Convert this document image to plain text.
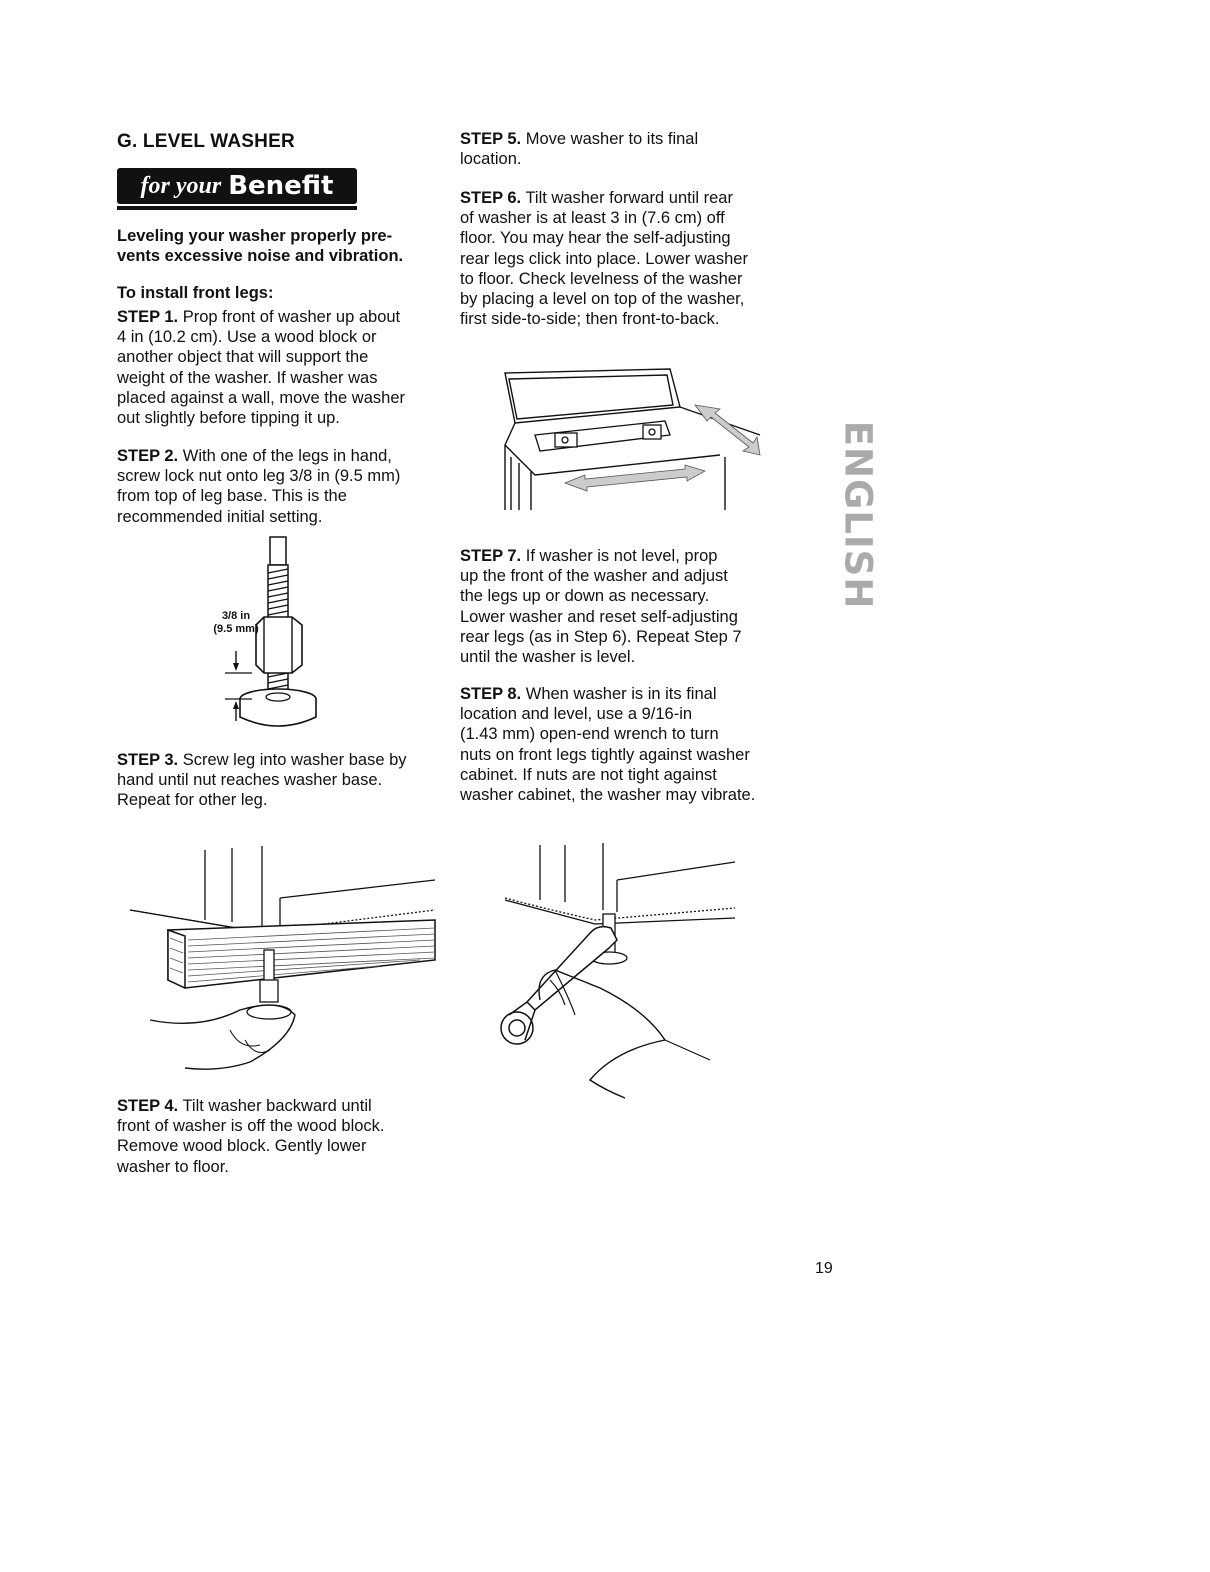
G. LEVEL WASHER
for your Benefit
Leveling your washer properly pre-
vents excessive noise and vibration.
To install front legs:
STEP 1. Prop front of washer up about
4 in (10.2 cm). Use a wood block or
another object that will support the
weight of the washer. If washer was
placed against a wall, move the washer
out slightly before tipping it up.
STEP 2. With one of the legs in hand,
screw lock nut onto leg 3/8 in (9.5 mm)
from top of leg base. This is the
recommended initial setting.
3/8 in
(9.5 mm)
STEP 3. Screw leg into washer base by
hand until nut reaches washer base.
Repeat for other leg.
STEP 4. Tilt washer backward until
front of washer is off the wood block.
Remove wood block. Gently lower
washer to floor.
STEP 5. Move washer to its final
location.
STEP 6. Tilt washer forward until rear
of washer is at least 3 in (7.6 cm) off
floor. You may hear the self-adjusting
rear legs click into place. Lower washer
to floor. Check levelness of the washer
by placing a level on top of the washer,
first side-to-side; then front-to-back.
STEP 7. If washer is not level, prop
up the front of the washer and adjust
the legs up or down as necessary.
Lower washer and reset self-adjusting
rear legs (as in Step 6). Repeat Step 7
until the washer is level.
STEP 8. When washer is in its final
location and level, use a 9/16-in
(1.43 mm) open-end wrench to turn
nuts on front legs tightly against washer
cabinet. If nuts are not tight against
washer cabinet, the washer may vibrate.
ENGLISH
19
